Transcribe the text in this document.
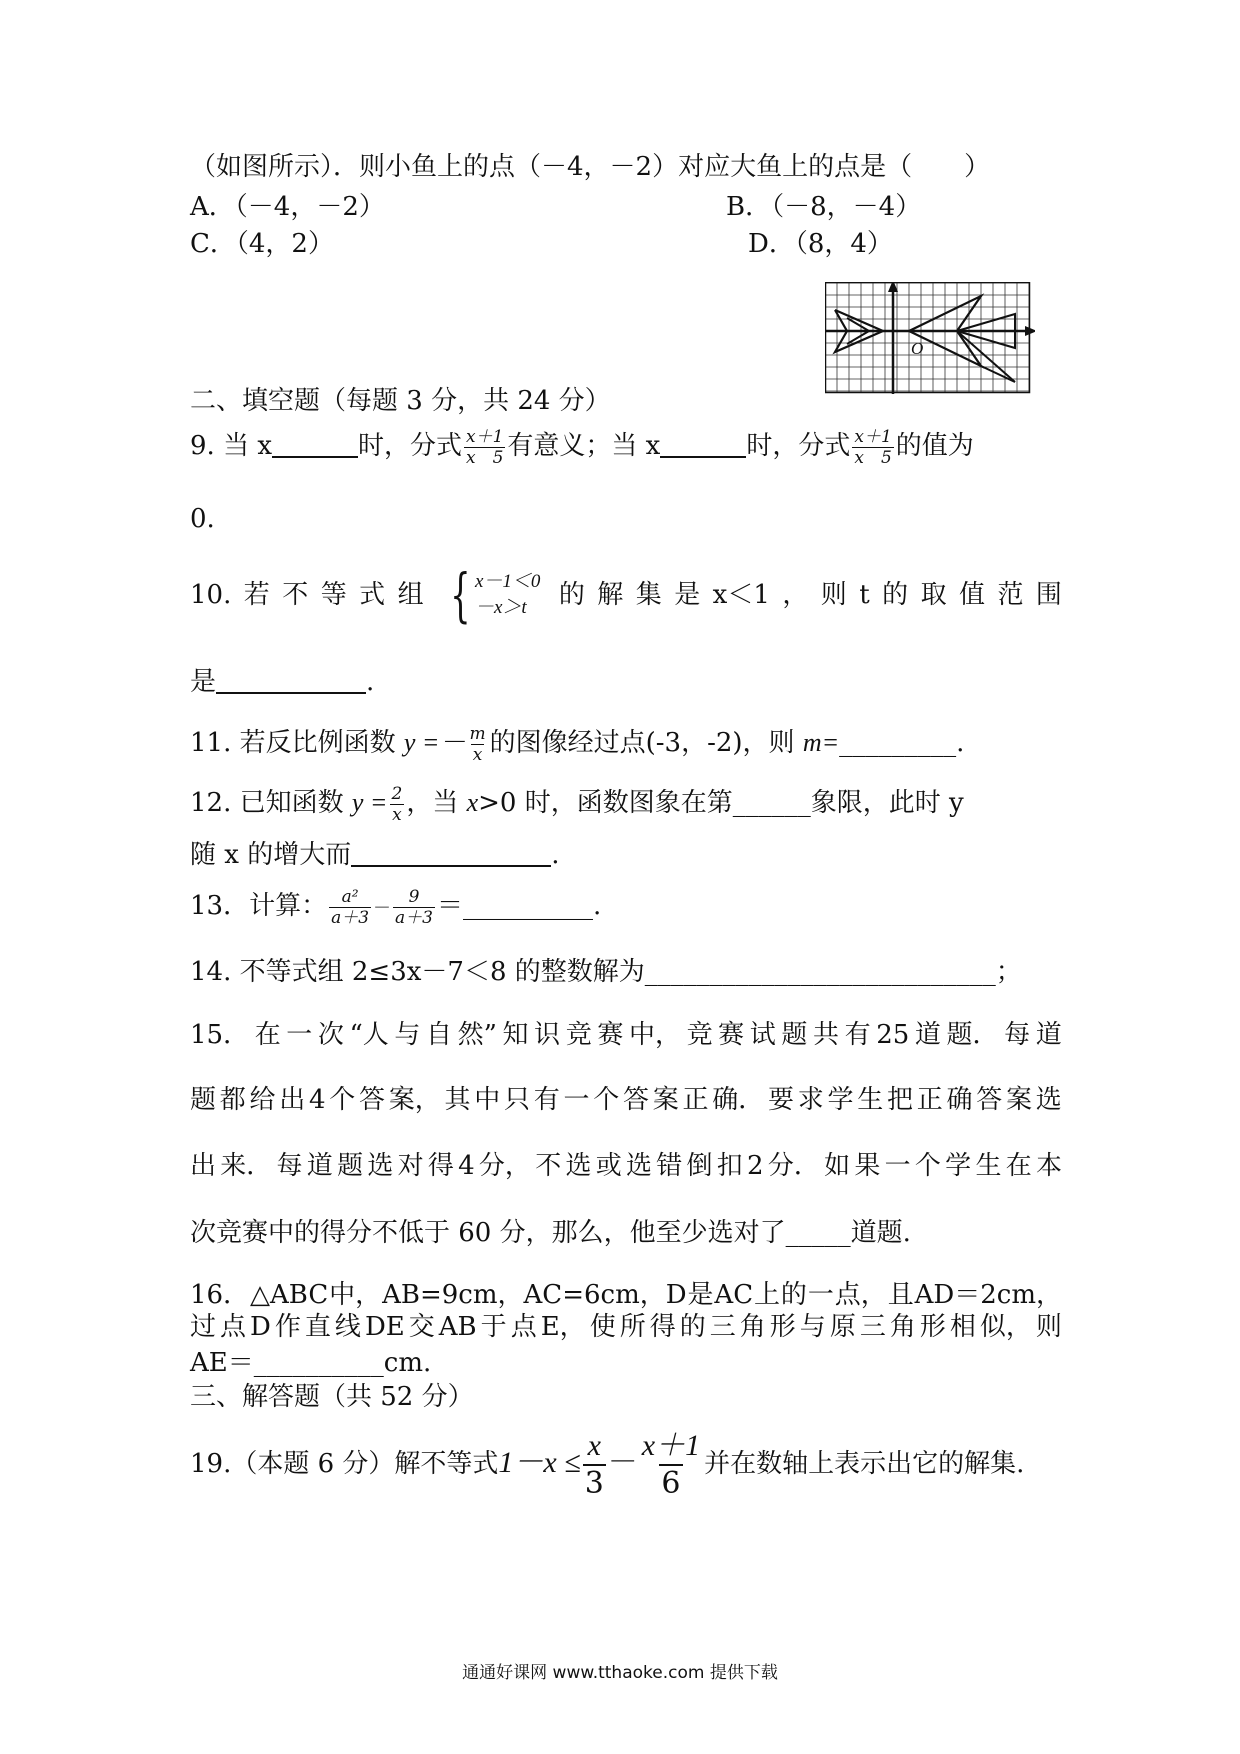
（如图所示）．则小鱼上的点（－4，－2）对应大鱼上的点是（　　）
A．（－4，－2）	B．（－8，－4）
C．（4，2）	D．（8，4）
O
二、填空题（每题 3 分，共 24 分）
9. 当 x	时，分式 $\frac{x+1}{x 5}$ 有意义；当 x	时，分式 $\frac{x+1}{x 5}$ 的值为
0.
10. 若 不 等 式 组 { x－1＜0
－x＞t	的 解 集 是 x＜1 ， 则 t 的 取 值 范 围
是	.
11. 若反比例函数 $y =- \frac{m}{x}$ 的图像经过点(-3，-2)，则 m=_________.
12. 已知函数 $y = \frac{2}{x}$ ，当 x>0 时，函数图象在第______象限，此时 y
随 x 的增大而	.
13．计算： $\frac{\text{a²}}{a+3} - \frac{9}{a+3}$ ＝__________.
14. 不等式组 2≤3x－7＜8 的整数解为___________________________；
15． 在 一 次 “人 与 自 然” 知 识 竞 赛 中， 竞 赛 试 题 共 有 25 道 题． 每 道
题 都 给 出 4 个 答 案， 其 中 只 有 一 个 答 案 正 确． 要 求 学 生 把 正 确 答 案 选
出 来． 每 道 题 选 对 得 4 分， 不 选 或 选 错 倒 扣 2 分． 如 果 一 个 学 生 在 本
次竞赛中的得分不低于 60 分，那么，他至少选对了_____道题.
16． △ABC 中， AB=9cm，AC=6cm，D 是 AC 上 的 一 点， 且 AD＝2cm，
过 点 D 作 直 线 DE 交 AB 于 点 E， 使 所 得 的 三 角 形 与 原 三 角 形 相 似， 则
AE＝__________cm.
三、解答题（共 52 分）
19.（本题 6 分）解不等式$1-x \le \frac{x}{3} - \frac{x+1}{6}$ 并在数轴上表示出它的解集.
通通好课网 www.tthaoke.com 提供下载
